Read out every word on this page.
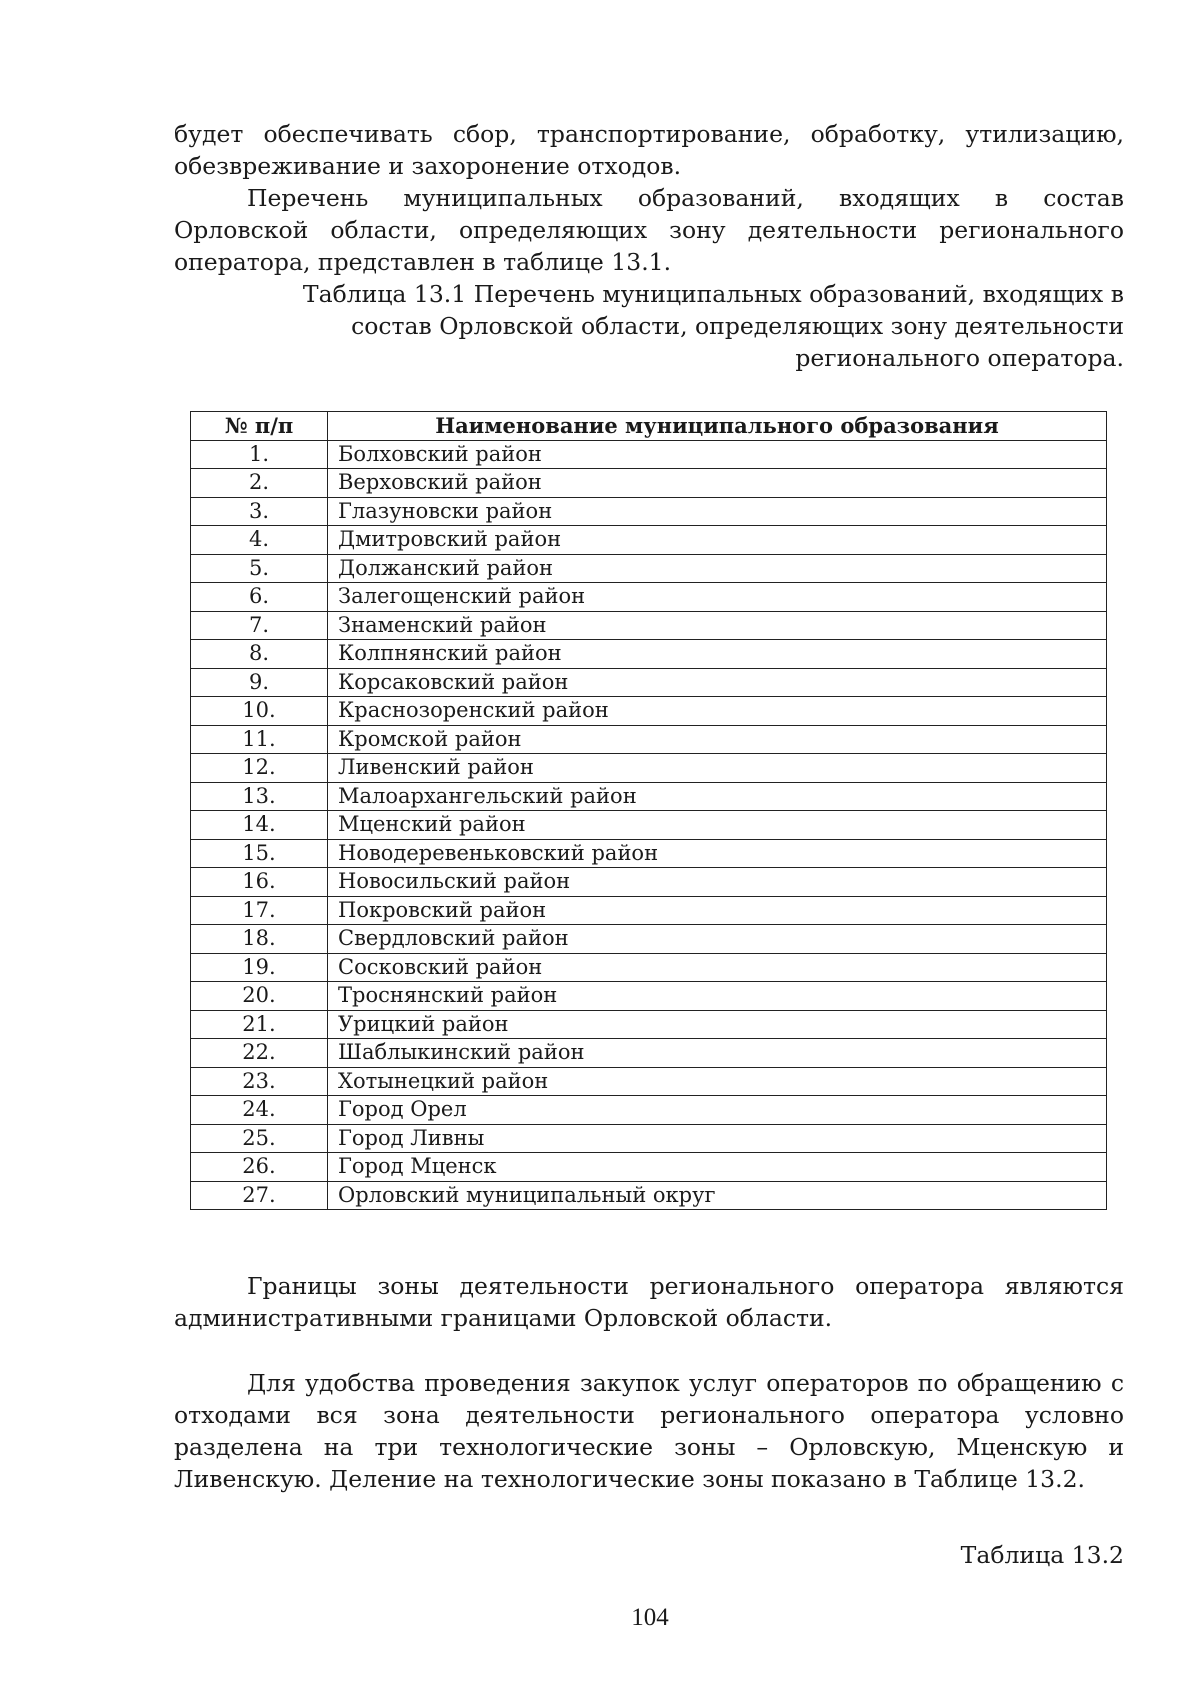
будет обеспечивать сбор, транспортирование, обработку, утилизацию, обезвреживание и захоронение отходов.

Перечень муниципальных образований, входящих в состав Орловской области, определяющих зону деятельности регионального оператора, представлен в таблице 13.1.

Таблица 13.1 Перечень муниципальных образований, входящих в состав Орловской области, определяющих зону деятельности регионального оператора.

№ п/п	Наименование муниципального образования
1.	Болховский район
2.	Верховский район
3.	Глазуновски район
4.	Дмитровский район
5.	Должанский район
6.	Залегощенский район
7.	Знаменский район
8.	Колпнянский район
9.	Корсаковский район
10.	Краснозоренский район
11.	Кромской район
12.	Ливенский район
13.	Малоархангельский район
14.	Мценский район
15.	Новодеревеньковский район
16.	Новосильский район
17.	Покровский район
18.	Свердловский район
19.	Сосковский район
20.	Троснянский район
21.	Урицкий район
22.	Шаблыкинский район
23.	Хотынецкий район
24.	Город Орел
25.	Город Ливны
26.	Город Мценск
27.	Орловский муниципальный округ

Границы зоны деятельности регионального оператора являются административными границами Орловской области.

Для удобства проведения закупок услуг операторов по обращению с отходами вся зона деятельности регионального оператора условно разделена на три технологические зоны – Орловскую, Мценскую и Ливенскую. Деление на технологические зоны показано в Таблице 13.2.

Таблица 13.2

104
